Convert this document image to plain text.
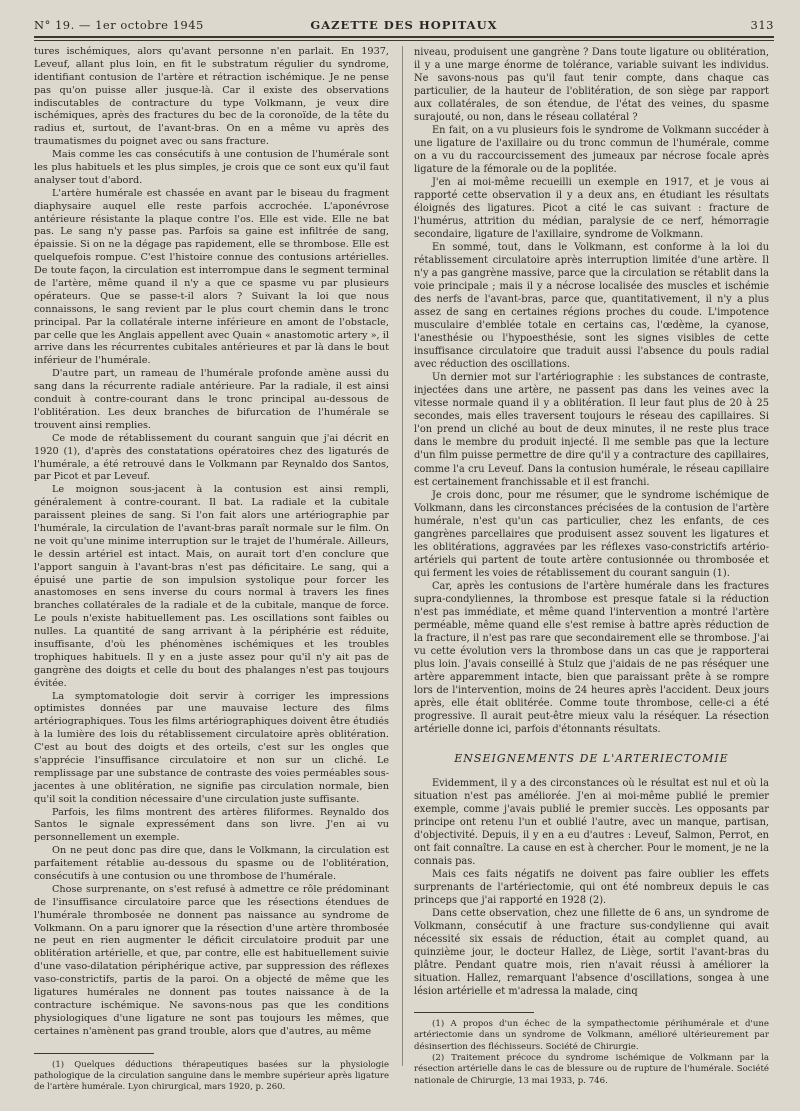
N° 19. — 1er octobre 1945	GAZETTE DES HOPITAUX	313

tures ischémiques, alors qu'avant personne n'en parlait. En 1937, Leveuf, allant plus loin, en fit le substratum régulier du syndrome, identifiant contusion de l'artère et rétraction ischémique. Je ne pense pas qu'on puisse aller jusque-là. Car il existe des observations indiscutables de contracture du type Volkmann, je veux dire ischémiques, après des fractures du bec de la coronoïde, de la tête du radius et, surtout, de l'avant-bras. On en a même vu après des traumatismes du poignet avec ou sans fracture.

Mais comme les cas consécutifs à une contusion de l'humérale sont les plus habituels et les plus simples, je crois que ce sont eux qu'il faut analyser tout d'abord.

L'artère humérale est chassée en avant par le biseau du fragment diaphysaire auquel elle reste parfois accrochée. L'aponévrose antérieure résistante la plaque contre l'os. Elle est vide. Elle ne bat pas. Le sang n'y passe pas. Parfois sa gaine est infiltrée de sang, épaissie. Si on ne la dégage pas rapidement, elle se thrombose. Elle est quelquefois rompue. C'est l'histoire connue des contusions artérielles. De toute façon, la circulation est interrompue dans le segment terminal de l'artère, même quand il n'y a que ce spasme vu par plusieurs opérateurs. Que se passe-t-il alors ? Suivant la loi que nous connaissons, le sang revient par le plus court chemin dans le tronc principal. Par la collatérale interne inférieure en amont de l'obstacle, par celle que les Anglais appellent avec Quain « anastomotic artery », il arrive dans les récurrentes cubitales antérieures et par là dans le bout inférieur de l'humérale.

D'autre part, un rameau de l'humérale profonde amène aussi du sang dans la récurrente radiale antérieure. Par la radiale, il est ainsi conduit à contre-courant dans le tronc principal au-dessous de l'oblitération. Les deux branches de bifurcation de l'humérale se trouvent ainsi remplies.

Ce mode de rétablissement du courant sanguin que j'ai décrit en 1920 (1), d'après des constatations opératoires chez des ligaturés de l'humérale, a été retrouvé dans le Volkmann par Reynaldo dos Santos, par Picot et par Leveuf.

Le moignon sous-jacent à la contusion est ainsi rempli, généralement à contre-courant. Il bat. La radiale et la cubitale paraissent pleines de sang. Si l'on fait alors une artériographie par l'humérale, la circulation de l'avant-bras paraît normale sur le film. On ne voit qu'une minime interruption sur le trajet de l'humérale. Ailleurs, le dessin artériel est intact. Mais, on aurait tort d'en conclure que l'apport sanguin à l'avant-bras n'est pas déficitaire. Le sang, qui a épuisé une partie de son impulsion systolique pour forcer les anastomoses en sens inverse du cours normal à travers les fines branches collatérales de la radiale et de la cubitale, manque de force. Le pouls n'existe habituellement pas. Les oscillations sont faibles ou nulles. La quantité de sang arrivant à la périphérie est réduite, insuffisante, d'où les phénomènes ischémiques et les troubles trophiques habituels. Il y en a juste assez pour qu'il n'y ait pas de gangrène des doigts et celle du bout des phalanges n'est pas toujours évitée.

La symptomatologie doit servir à corriger les impressions optimistes données par une mauvaise lecture des films artériographiques. Tous les films artériographiques doivent être étudiés à la lumière des lois du rétablissement circulatoire après oblitération. C'est au bout des doigts et des orteils, c'est sur les ongles que s'apprécie l'insuffisance circulatoire et non sur un cliché. Le remplissage par une substance de contraste des voies perméables sous-jacentes à une oblitération, ne signifie pas circulation normale, bien qu'il soit la condition nécessaire d'une circulation juste suffisante.

Parfois, les films montrent des artères filiformes. Reynaldo dos Santos le signale expressément dans son livre. J'en ai vu personnellement un exemple.

On ne peut donc pas dire que, dans le Volkmann, la circulation est parfaitement rétablie au-dessous du spasme ou de l'oblitération, consécutifs à une contusion ou une thrombose de l'humérale.

Chose surprenante, on s'est refusé à admettre ce rôle prédominant de l'insuffisance circulatoire parce que les résections étendues de l'humérale thrombosée ne donnent pas naissance au syndrome de Volkmann. On a paru ignorer que la résection d'une artère thrombosée ne peut en rien augmenter le déficit circulatoire produit par une oblitération artérielle, et que, par contre, elle est habituellement suivie d'une vaso-dilatation périphérique active, par suppression des réflexes vaso-constrictifs, partis de la paroi. On a objecté de même que les ligatures humérales ne donnent pas toutes naissance à de la contracture ischémique. Ne savons-nous pas que les conditions physiologiques d'une ligature ne sont pas toujours les mêmes, que certaines n'amènent pas grand trouble, alors que d'autres, au même

(1) Quelques déductions thérapeutiques basées sur la physiologie pathologique de la circulation sanguine dans le membre supérieur après ligature de l'artère humérale. Lyon chirurgical, mars 1920, p. 260.

niveau, produisent une gangrène ? Dans toute ligature ou oblitération, il y a une marge énorme de tolérance, variable suivant les individus. Ne savons-nous pas qu'il faut tenir compte, dans chaque cas particulier, de la hauteur de l'oblitération, de son siège par rapport aux collatérales, de son étendue, de l'état des veines, du spasme surajouté, ou non, dans le réseau collatéral ?

En fait, on a vu plusieurs fois le syndrome de Volkmann succéder à une ligature de l'axillaire ou du tronc commun de l'humérale, comme on a vu du raccourcissement des jumeaux par nécrose focale après ligature de la fémorale ou de la poplitée.

J'en ai moi-même recueilli un exemple en 1917, et je vous ai rapporté cette observation il y a deux ans, en étudiant les résultats éloignés des ligatures. Picot a cité le cas suivant : fracture de l'humérus, attrition du médian, paralysie de ce nerf, hémorragie secondaire, ligature de l'axillaire, syndrome de Volkmann.

En sommé, tout, dans le Volkmann, est conforme à la loi du rétablissement circulatoire après interruption limitée d'une artère. Il n'y a pas gangrène massive, parce que la circulation se rétablit dans la voie principale ; mais il y a nécrose localisée des muscles et ischémie des nerfs de l'avant-bras, parce que, quantitativement, il n'y a plus assez de sang en certaines régions proches du coude. L'impotence musculaire d'emblée totale en certains cas, l'œdème, la cyanose, l'anesthésie ou l'hypoesthésie, sont les signes visibles de cette insuffisance circulatoire que traduit aussi l'absence du pouls radial avec réduction des oscillations.

Un dernier mot sur l'artériographie : les substances de contraste, injectées dans une artère, ne passent pas dans les veines avec la vitesse normale quand il y a oblitération. Il leur faut plus de 20 à 25 secondes, mais elles traversent toujours le réseau des capillaires. Si l'on prend un cliché au bout de deux minutes, il ne reste plus trace dans le membre du produit injecté. Il me semble pas que la lecture d'un film puisse permettre de dire qu'il y a contracture des capillaires, comme l'a cru Leveuf. Dans la contusion humérale, le réseau capillaire est certainement franchissable et il est franchi.

Je crois donc, pour me résumer, que le syndrome ischémique de Volkmann, dans les circonstances précisées de la contusion de l'artère humérale, n'est qu'un cas particulier, chez les enfants, de ces gangrènes parcellaires que produisent assez souvent les ligatures et les oblitérations, aggravées par les réflexes vaso-constrictifs artério-artériels qui partent de toute artère contusionnée ou thrombosée et qui ferment les voies de rétablissement du courant sanguin (1).

Car, après les contusions de l'artère humérale dans les fractures supra-condyliennes, la thrombose est presque fatale si la réduction n'est pas immédiate, et même quand l'intervention a montré l'artère perméable, même quand elle s'est remise à battre après réduction de la fracture, il n'est pas rare que secondairement elle se thrombose. J'ai vu cette évolution vers la thrombose dans un cas que je rapporterai plus loin. J'avais conseillé à Stulz que j'aidais de ne pas réséquer une artère apparemment intacte, bien que paraissant prête à se rompre lors de l'intervention, moins de 24 heures après l'accident. Deux jours après, elle était oblitérée. Comme toute thrombose, celle-ci a été progressive. Il aurait peut-être mieux valu la réséquer. La résection artérielle donne ici, parfois d'étonnants résultats.

ENSEIGNEMENTS DE L'ARTERIECTOMIE

Evidemment, il y a des circonstances où le résultat est nul et où la situation n'est pas améliorée. J'en ai moi-même publié le premier exemple, comme j'avais publié le premier succès. Les opposants par principe ont retenu l'un et oublié l'autre, avec un manque, partisan, d'objectivité. Depuis, il y en a eu d'autres : Leveuf, Salmon, Perrot, en ont fait connaître. La cause en est à chercher. Pour le moment, je ne la connais pas.

Mais ces faits négatifs ne doivent pas faire oublier les effets surprenants de l'artériectomie, qui ont été nombreux depuis le cas princeps que j'ai rapporté en 1928 (2).

Dans cette observation, chez une fillette de 6 ans, un syndrome de Volkmann, consécutif à une fracture sus-condylienne qui avait nécessité six essais de réduction, était au complet quand, au quinzième jour, le docteur Hallez, de Liège, sortit l'avant-bras du plâtre. Pendant quatre mois, rien n'avait réussi à améliorer la situation. Hallez, remarquant l'absence d'oscillations, songea à une lésion artérielle et m'adressa la malade, cinq

(1) A propos d'un échec de la sympathectomie périhumérale et d'une artériectomie dans un syndrome de Volkmann, amélioré ultérieurement par désinsertion des fléchisseurs. Société de Chirurgie.

(2) Traitement précoce du syndrome ischémique de Volkmann par la résection artérielle dans le cas de blessure ou de rupture de l'humérale. Société nationale de Chirurgie, 13 mai 1933, p. 746.
